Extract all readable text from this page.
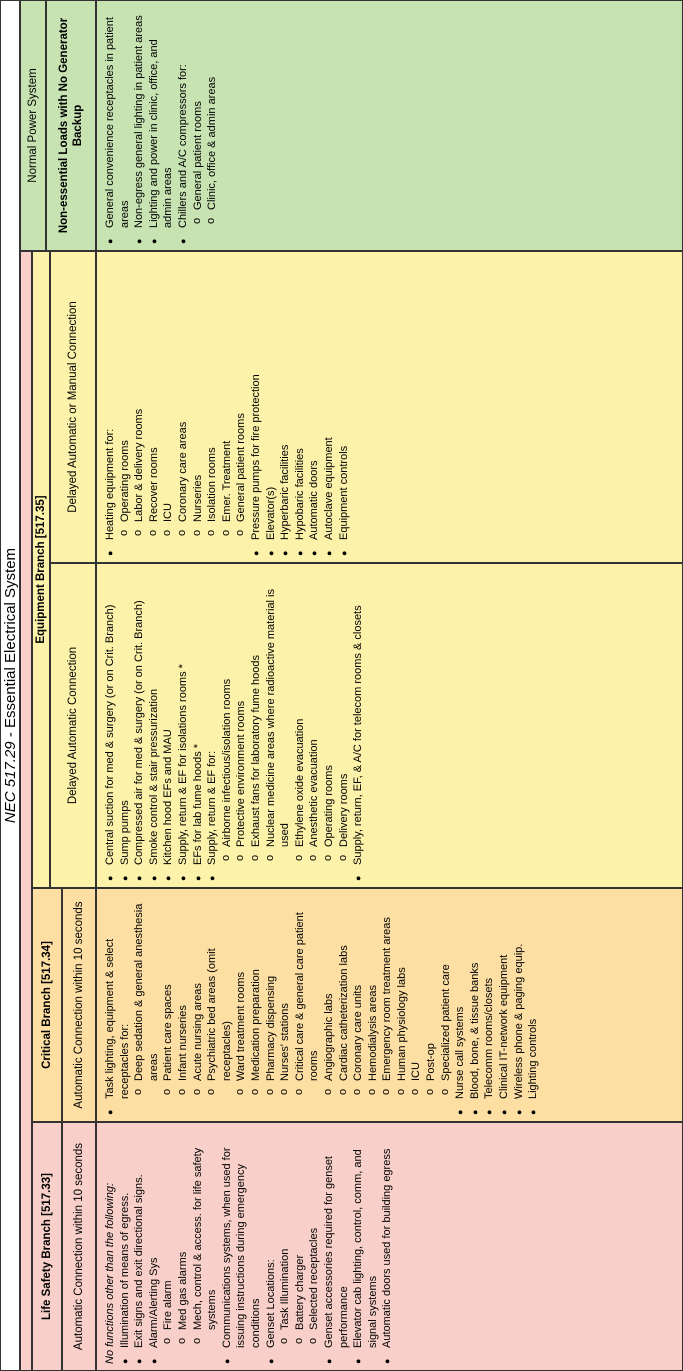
NEC 517.29 - Essential Electrical System
Normal Power System
Life Safety Branch [517.33]
Critical Branch [517.34]
Equipment Branch [517.35]
Non-essential Loads with No Generator Backup
Automatic Connection within 10 seconds
Automatic Connection within 10 seconds
Delayed Automatic Connection
Delayed Automatic or Manual Connection

No functions other than the following: ● Illumination of means of egress. ● Exit signs and exit directional signs. ● Alarm/Alerting Sys o Fire alarm o Med gas alarms o Mech, control & access. for life safety systems ● Communications systems, when used for issuing instructions during emergency conditions ● Genset Locations: o Task Illumination o Battery charger o Selected receptacles ● Genset accessories required for genset performance ● Elevator cab lighting, control, comm, and signal systems ● Automatic doors used for building egress
● Task lighting, equipment & select receptacles for: o Deep sedation & general anesthesia areas o Patient care spaces o Infant nurseries o Acute nursing areas o Psychiatric bed areas (omit receptacles) o Ward treatment rooms o Medication preparation o Pharmacy dispensing o Nurses' stations o Critical care & general care patient rooms o Angiographic labs o Cardiac catheterization labs o Coronary care units o Hemodialysis areas o Emergency room treatment areas o Human physiology labs o ICU o Post-op o Specialized patient care ● Nurse call systems ● Blood, bone, & tissue banks ● Telecomm rooms/closets ● Clinical IT-network equipment ● Wireless phone & paging equip. ● Lighting controls
● Central suction for med & surgery (or on Crit. Branch) ● Sump pumps ● Compressed air for med & surgery (or on Crit. Branch) ● Smoke control & stair pressurization ● Kitchen hood EFs and MAU ● Supply, return & EF for isolations rooms * ● EFs for lab fume hoods * ● Supply, return & EF for: o Airborne infectious/isolation rooms o Protective environment rooms o Exhaust fans for laboratory fume hoods o Nuclear medicine areas where radioactive material is used o Ethylene oxide evacuation o Anesthetic evacuation o Operating rooms o Delivery rooms ● Supply, return, EF, & A/C for telecom rooms & closets
● Heating equipment for: o Operating rooms o Labor & delivery rooms o Recover rooms o ICU o Coronary care areas o Nurseries o Isolation rooms o Emer. Treatment o General patient rooms ● Pressure pumps for fire protection ● Elevator(s) ● Hyperbaric facilities ● Hypobaric facilities ● Automatic doors ● Autoclave equipment ● Equipment controls
● General convenience receptacles in patient areas ● Non-egress general lighting in patient areas ● Lighting and power in clinic, office, and admin areas ● Chillers and A/C compressors for: o General patient rooms o Clinic, office & admin areas
